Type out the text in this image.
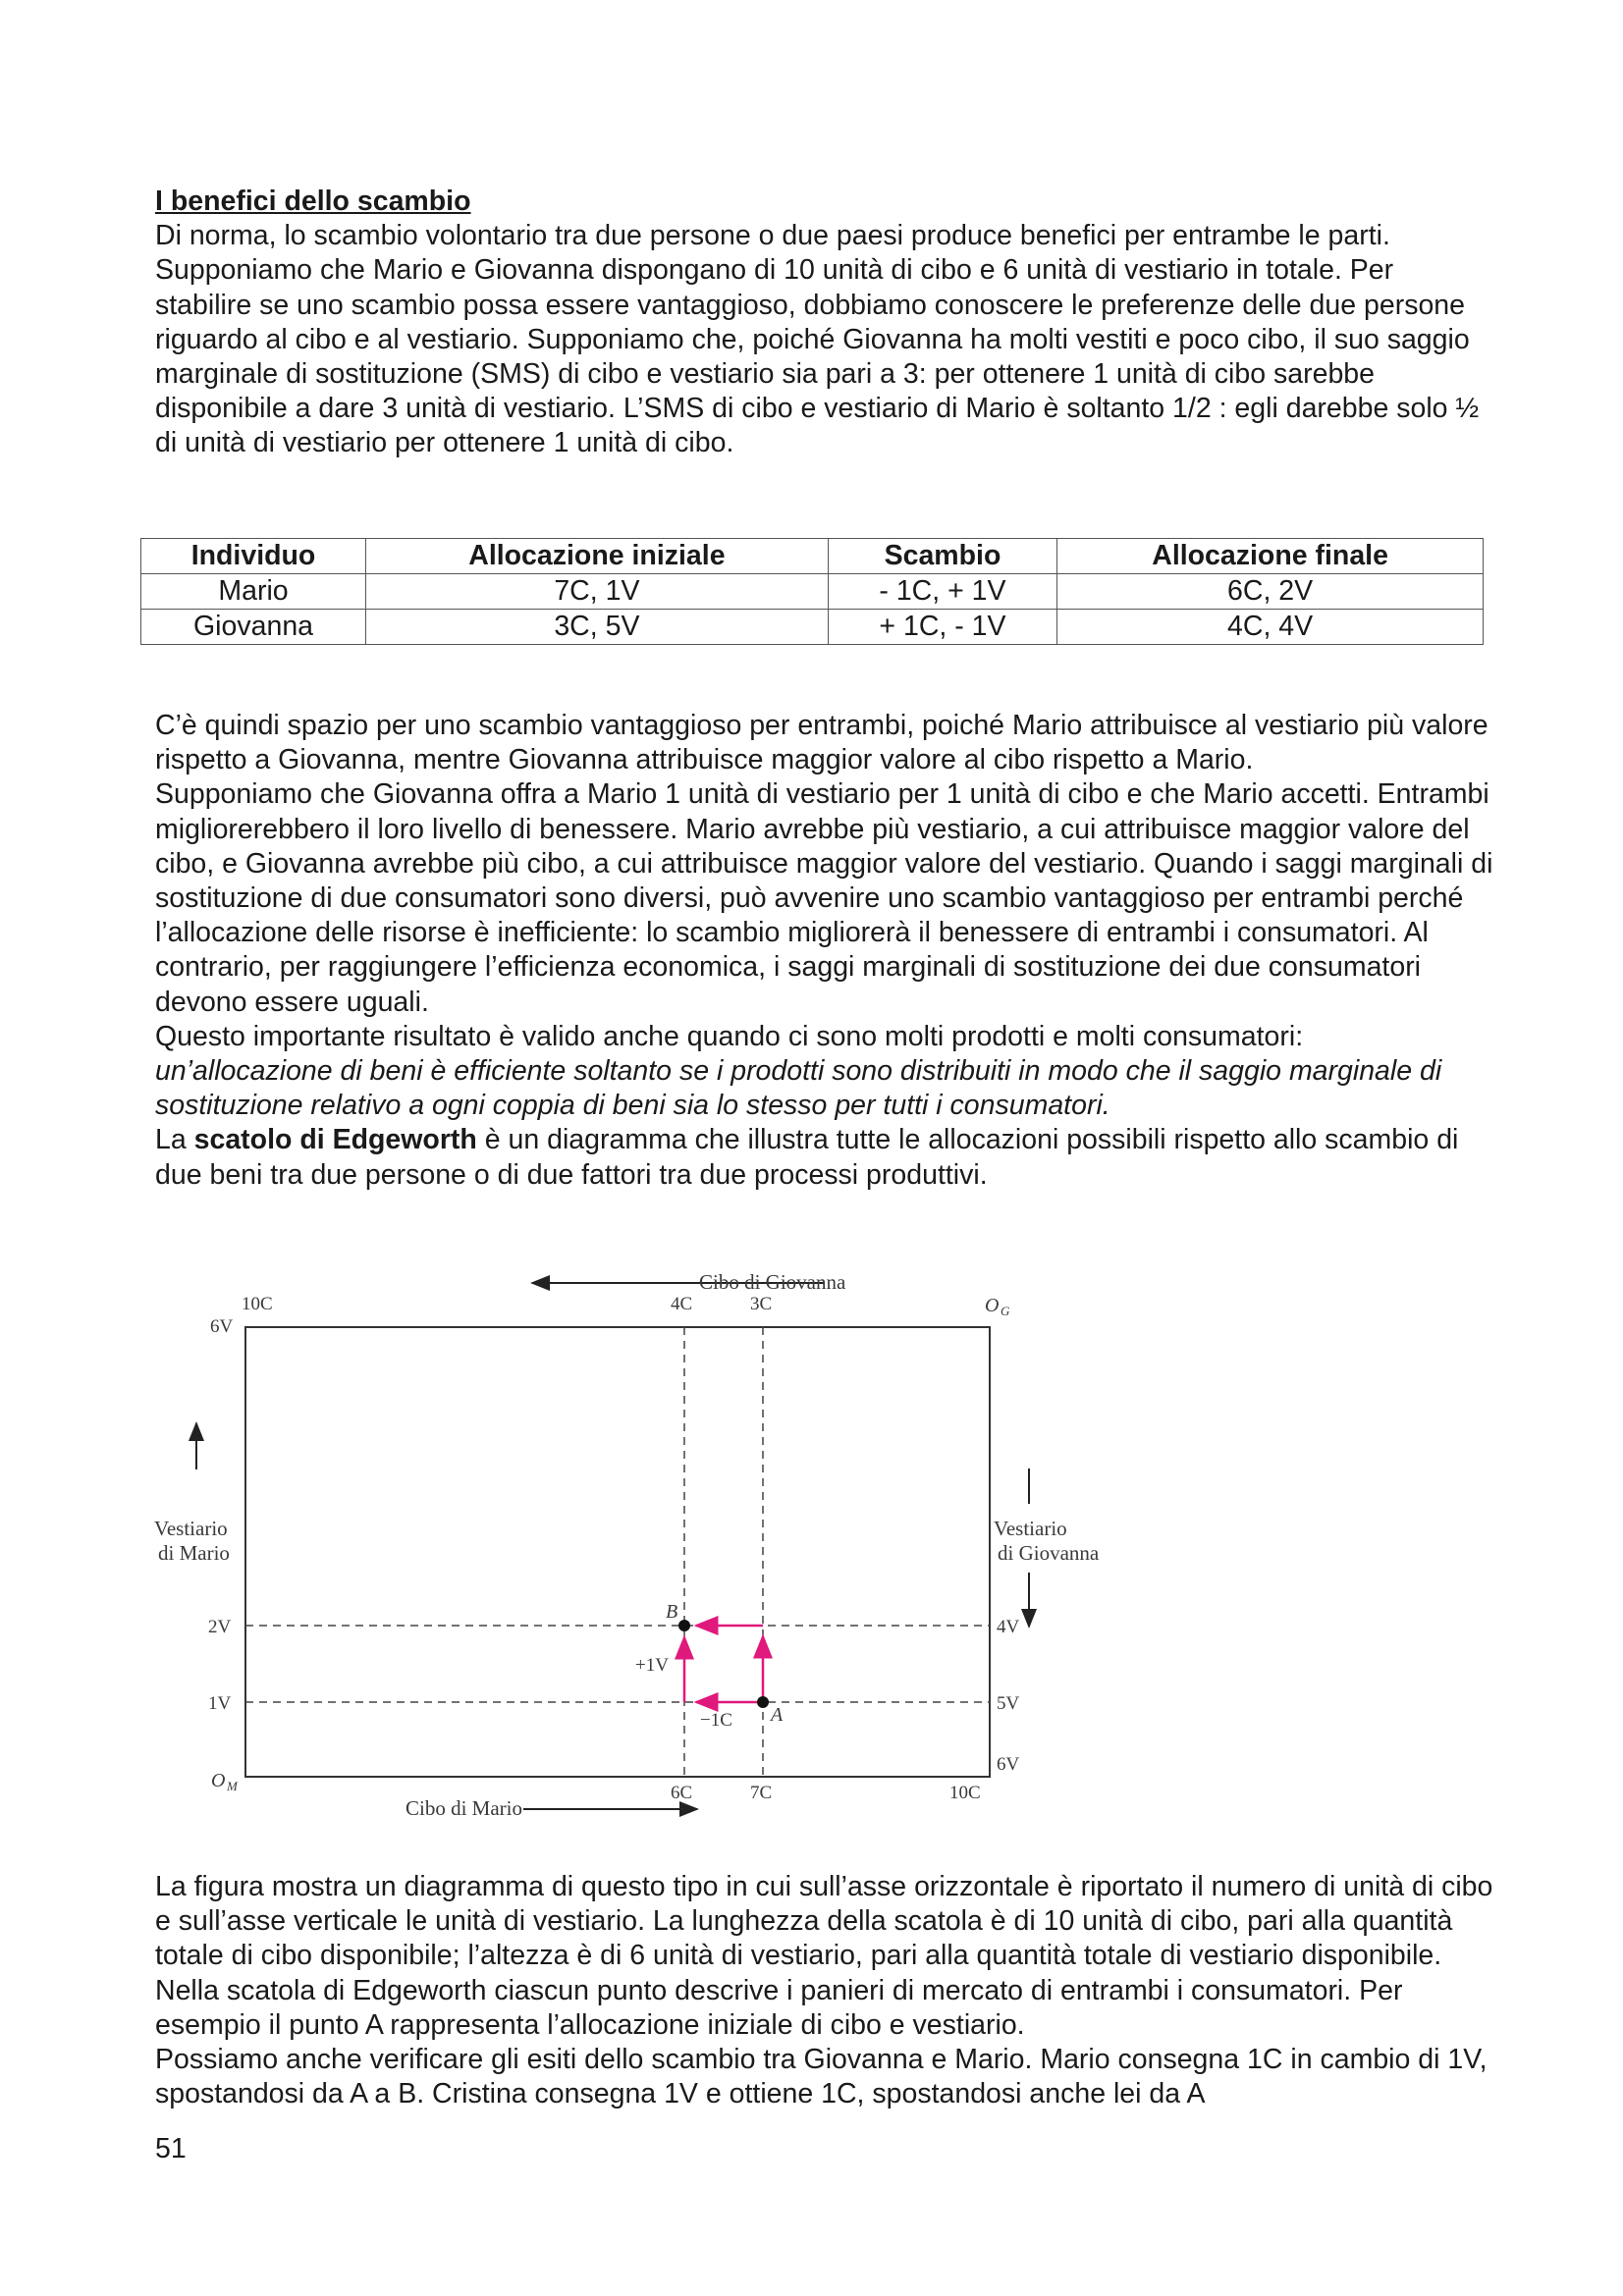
I benefici dello scambio

Di norma, lo scambio volontario tra due persone o due paesi produce benefici per entrambe le parti.

Supponiamo che Mario e Giovanna dispongano di 10 unità di cibo e 6 unità di vestiario in totale. Per stabilire se uno scambio possa essere vantaggioso, dobbiamo conoscere le preferenze delle due persone riguardo al cibo e al vestiario. Supponiamo che, poiché Giovanna ha molti vestiti e poco cibo, il suo saggio marginale di sostituzione (SMS) di cibo e vestiario sia pari a 3: per ottenere 1 unità di cibo sarebbe disponibile a dare 3 unità di vestiario. L’SMS di cibo e vestiario di Mario è soltanto 1/2 : egli darebbe solo ½ di unità di vestiario per ottenere 1 unità di cibo.

Individuo	Allocazione iniziale	Scambio	Allocazione finale
Mario	7C, 1V	- 1C, + 1V	6C, 2V
Giovanna	3C, 5V	+ 1C, - 1V	4C, 4V

C’è quindi spazio per uno scambio vantaggioso per entrambi, poiché Mario attribuisce al vestiario più valore rispetto a Giovanna, mentre Giovanna attribuisce maggior valore al cibo rispetto a Mario.

Supponiamo che Giovanna offra a Mario 1 unità di vestiario per 1 unità di cibo e che Mario accetti. Entrambi migliorerebbero il loro livello di benessere. Mario avrebbe più vestiario, a cui attribuisce maggior valore del cibo, e Giovanna avrebbe più cibo, a cui attribuisce maggior valore del vestiario. Quando i saggi marginali di sostituzione di due consumatori sono diversi, può avvenire uno scambio vantaggioso per entrambi perché l’allocazione delle risorse è inefficiente: lo scambio migliorerà il benessere di entrambi i consumatori. Al contrario, per raggiungere l’efficienza economica, i saggi marginali di sostituzione dei due consumatori devono essere uguali.

Questo importante risultato è valido anche quando ci sono molti prodotti e molti consumatori:

un’allocazione di beni è efficiente soltanto se i prodotti sono distribuiti in modo che il saggio marginale di sostituzione relativo a ogni coppia di beni sia lo stesso per tutti i consumatori.

La scatolo di Edgeworth è un diagramma che illustra tutte le allocazioni possibili rispetto allo scambio di due beni tra due persone o di due fattori tra due processi produttivi.

Cibo di Giovanna
Cibo di Mario
Vestiario
di Mario
Vestiario
di Giovanna
10C
6V
4C	3C	O G
2V
1V
O M
4V
5V
6V
6C	7C	10C
B
A
+1V
−1C

La figura mostra un diagramma di questo tipo in cui sull’asse orizzontale è riportato il numero di unità di cibo e sull’asse verticale le unità di vestiario. La lunghezza della scatola è di 10 unità di cibo, pari alla quantità totale di cibo disponibile; l’altezza è di 6 unità di vestiario, pari alla quantità totale di vestiario disponibile.

Nella scatola di Edgeworth ciascun punto descrive i panieri di mercato di entrambi i consumatori. Per esempio il punto A rappresenta l’allocazione iniziale di cibo e vestiario.

Possiamo anche verificare gli esiti dello scambio tra Giovanna e Mario. Mario consegna 1C in cambio di 1V, spostandosi da A a B. Cristina consegna 1V e ottiene 1C, spostandosi anche lei da A

51
